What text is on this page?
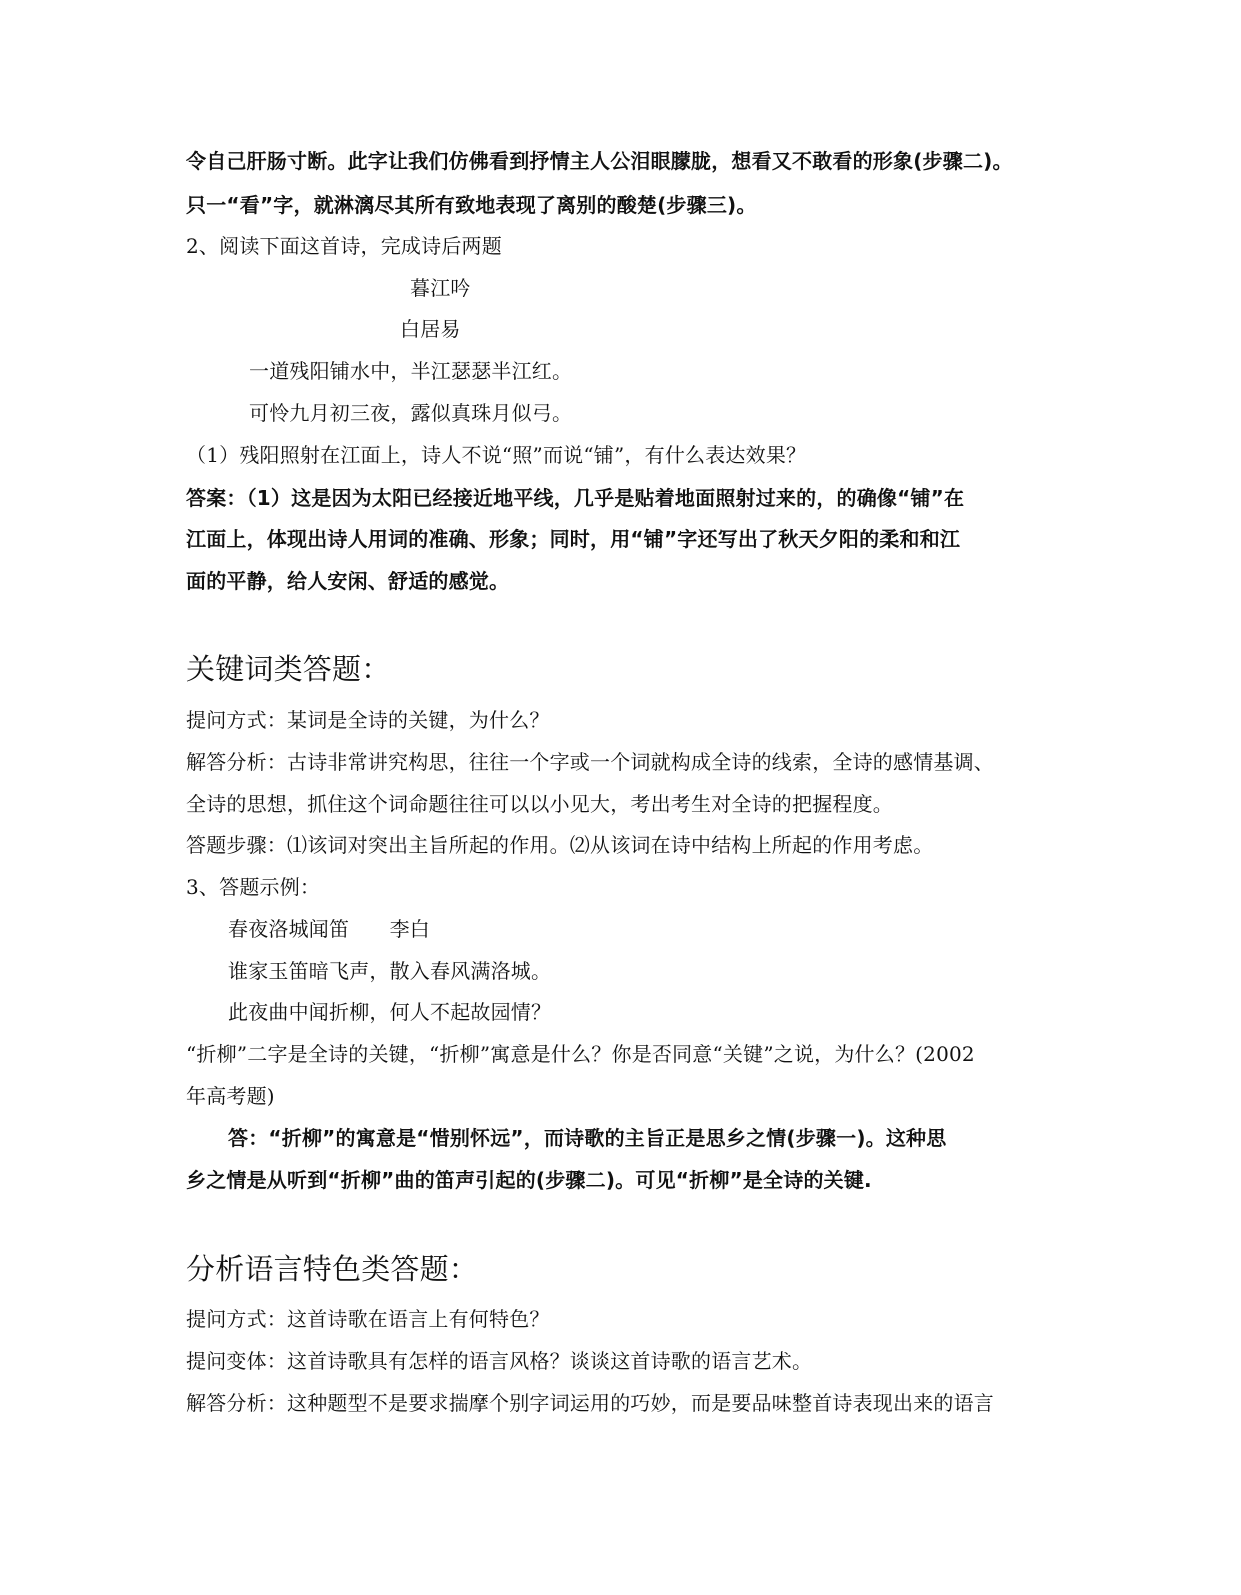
令自己肝肠寸断。此字让我们仿佛看到抒情主人公泪眼朦胧，想看又不敢看的形象(步骤二)。
只一“看”字，就淋漓尽其所有致地表现了离别的酸楚(步骤三)。
2、阅读下面这首诗，完成诗后两题
暮江吟
白居易
一道残阳铺水中，半江瑟瑟半江红。
可怜九月初三夜，露似真珠月似弓。
（1）残阳照射在江面上，诗人不说“照”而说“铺”，有什么表达效果？
答案：（1）这是因为太阳已经接近地平线，几乎是贴着地面照射过来的，的确像“铺”在
江面上，体现出诗人用词的准确、形象；同时，用“铺”字还写出了秋天夕阳的柔和和江
面的平静，给人安闲、舒适的感觉。
关键词类答题：
提问方式：某词是全诗的关键，为什么？
解答分析：古诗非常讲究构思，往往一个字或一个词就构成全诗的线索，全诗的感情基调、
全诗的思想，抓住这个词命题往往可以以小见大，考出考生对全诗的把握程度。
答题步骤：⑴该词对突出主旨所起的作用。⑵从该词在诗中结构上所起的作用考虑。
3、答题示例：
春夜洛城闻笛　　李白
谁家玉笛暗飞声，散入春风满洛城。
此夜曲中闻折柳，何人不起故园情？
“折柳”二字是全诗的关键，“折柳”寓意是什么？你是否同意“关键”之说，为什么？(2002
年高考题)
答：“折柳”的寓意是“惜别怀远”，而诗歌的主旨正是思乡之情(步骤一)。这种思
乡之情是从听到“折柳”曲的笛声引起的(步骤二)。可见“折柳”是全诗的关键.
分析语言特色类答题：
提问方式：这首诗歌在语言上有何特色？
提问变体：这首诗歌具有怎样的语言风格？谈谈这首诗歌的语言艺术。
解答分析：这种题型不是要求揣摩个别字词运用的巧妙，而是要品味整首诗表现出来的语言
